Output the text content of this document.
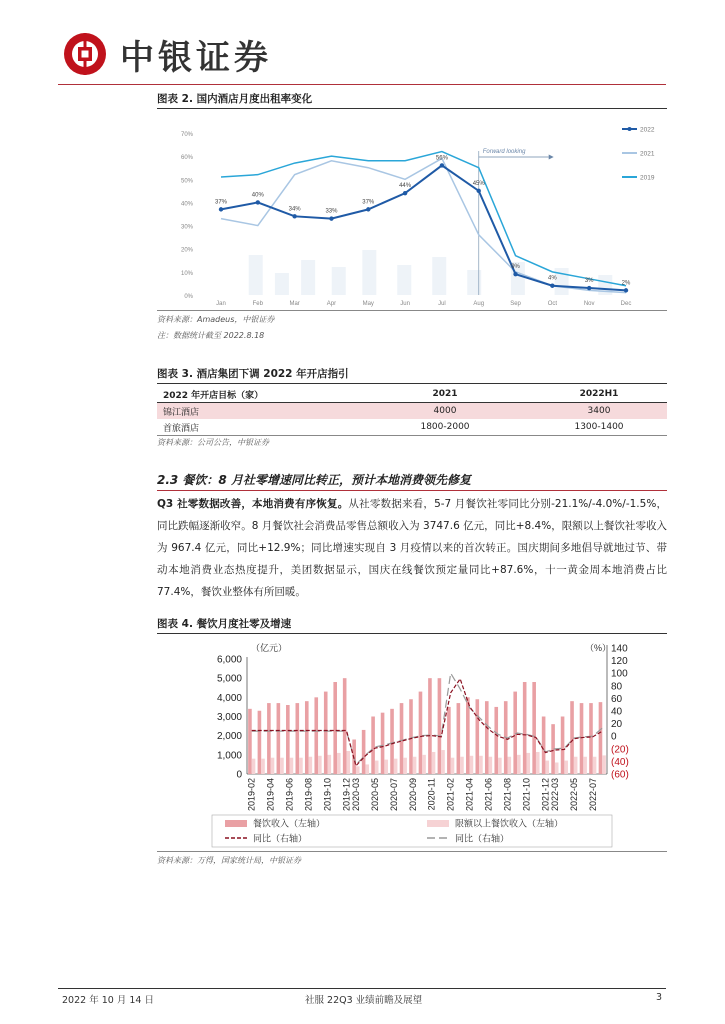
中银证券
图表 2. 国内酒店月度出租率变化
0%
10%
20%
30%
40%
50%
60%
70%
Jan	Feb	Mar	Apr	May	Jun	Jul	Aug	Sep	Oct	Nov	Dec
Forward looking
37%
40%
34%	33%
37%
44%
56%
45%
9%
4%	3%	2%
2022
2021
2019
资料来源：Amadeus，中银证券
注：数据统计截至 2022.8.18
图表 3. 酒店集团下调 2022 年开店指引
2022 年开店目标（家）	2021	2022H1
锦江酒店	4000	3400
首旅酒店	1800-2000	1300-1400
资料来源：公司公告，中银证券
2.3 餐饮：8 月社零增速同比转正，预计本地消费领先修复
Q3 社零数据改善，本地消费有序恢复。从社零数据来看，5-7 月餐饮社零同比分别-21.1%/-4.0%/-1.5%，同比跌幅逐渐收窄。8 月餐饮社会消费品零售总额收入为 3747.6 亿元，同比+8.4%，限额以上餐饮社零收入为 967.4 亿元，同比+12.9%；同比增速实现自 3 月疫情以来的首次转正。国庆期间多地倡导就地过节、带动本地消费业态热度提升，美团数据显示，国庆在线餐饮预定量同比+87.6%，十一黄金周本地消费占比 77.4%，餐饮业整体有所回暖。
图表 4. 餐饮月度社零及增速
（亿元）	（%）
0
1,000
2,000
3,000
4,000
5,000
6,000
(60)
(40)
(20)
0
20
40
60
80
100
120
140
2019-02 2019-04 2019-06 2019-08 2019-10 2019-12 2020-03 2020-05 2020-07 2020-09 2020-11 2021-02 2021-04 2021-06 2021-08 2021-10 2021-12 2022-03 2022-05 2022-07
餐饮收入（左轴）	限额以上餐饮收入（左轴）
同比（右轴）	同比（右轴）
资料来源：万得，国家统计局，中银证券
2022 年 10 月 14 日	社服 22Q3 业绩前瞻及展望	3
